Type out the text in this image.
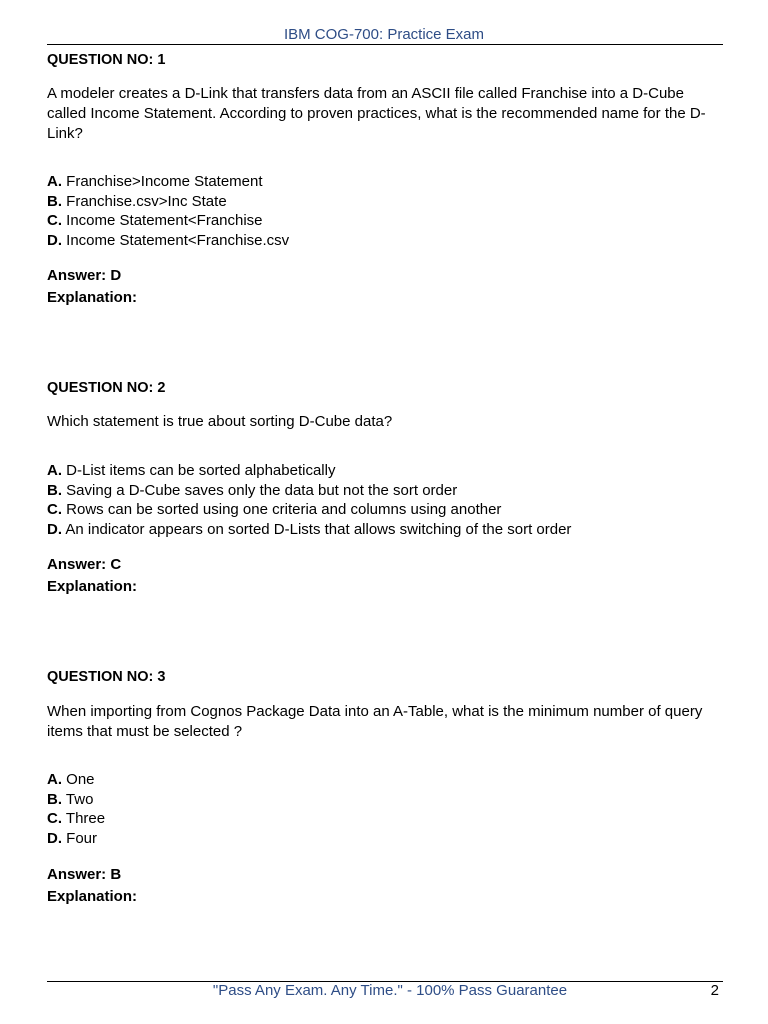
IBM COG-700: Practice Exam
QUESTION NO: 1
A modeler creates a D-Link that transfers data from an ASCII file called Franchise into a D-Cube called Income Statement. According to proven practices, what is the recommended name for the D-Link?
A. Franchise>Income Statement
B. Franchise.csv>Inc State
C. Income Statement<Franchise
D. Income Statement<Franchise.csv
Answer: D
Explanation:
QUESTION NO: 2
Which statement is true about sorting D-Cube data?
A. D-List items can be sorted alphabetically
B. Saving a D-Cube saves only the data but not the sort order
C. Rows can be sorted using one criteria and columns using another
D. An indicator appears on sorted D-Lists that allows switching of the sort order
Answer: C
Explanation:
QUESTION NO: 3
When importing from Cognos Package Data into an A-Table, what is the minimum number of query items that must be selected ?
A. One
B. Two
C. Three
D. Four
Answer: B
Explanation:
"Pass Any Exam. Any Time." - 100% Pass Guarantee	2
